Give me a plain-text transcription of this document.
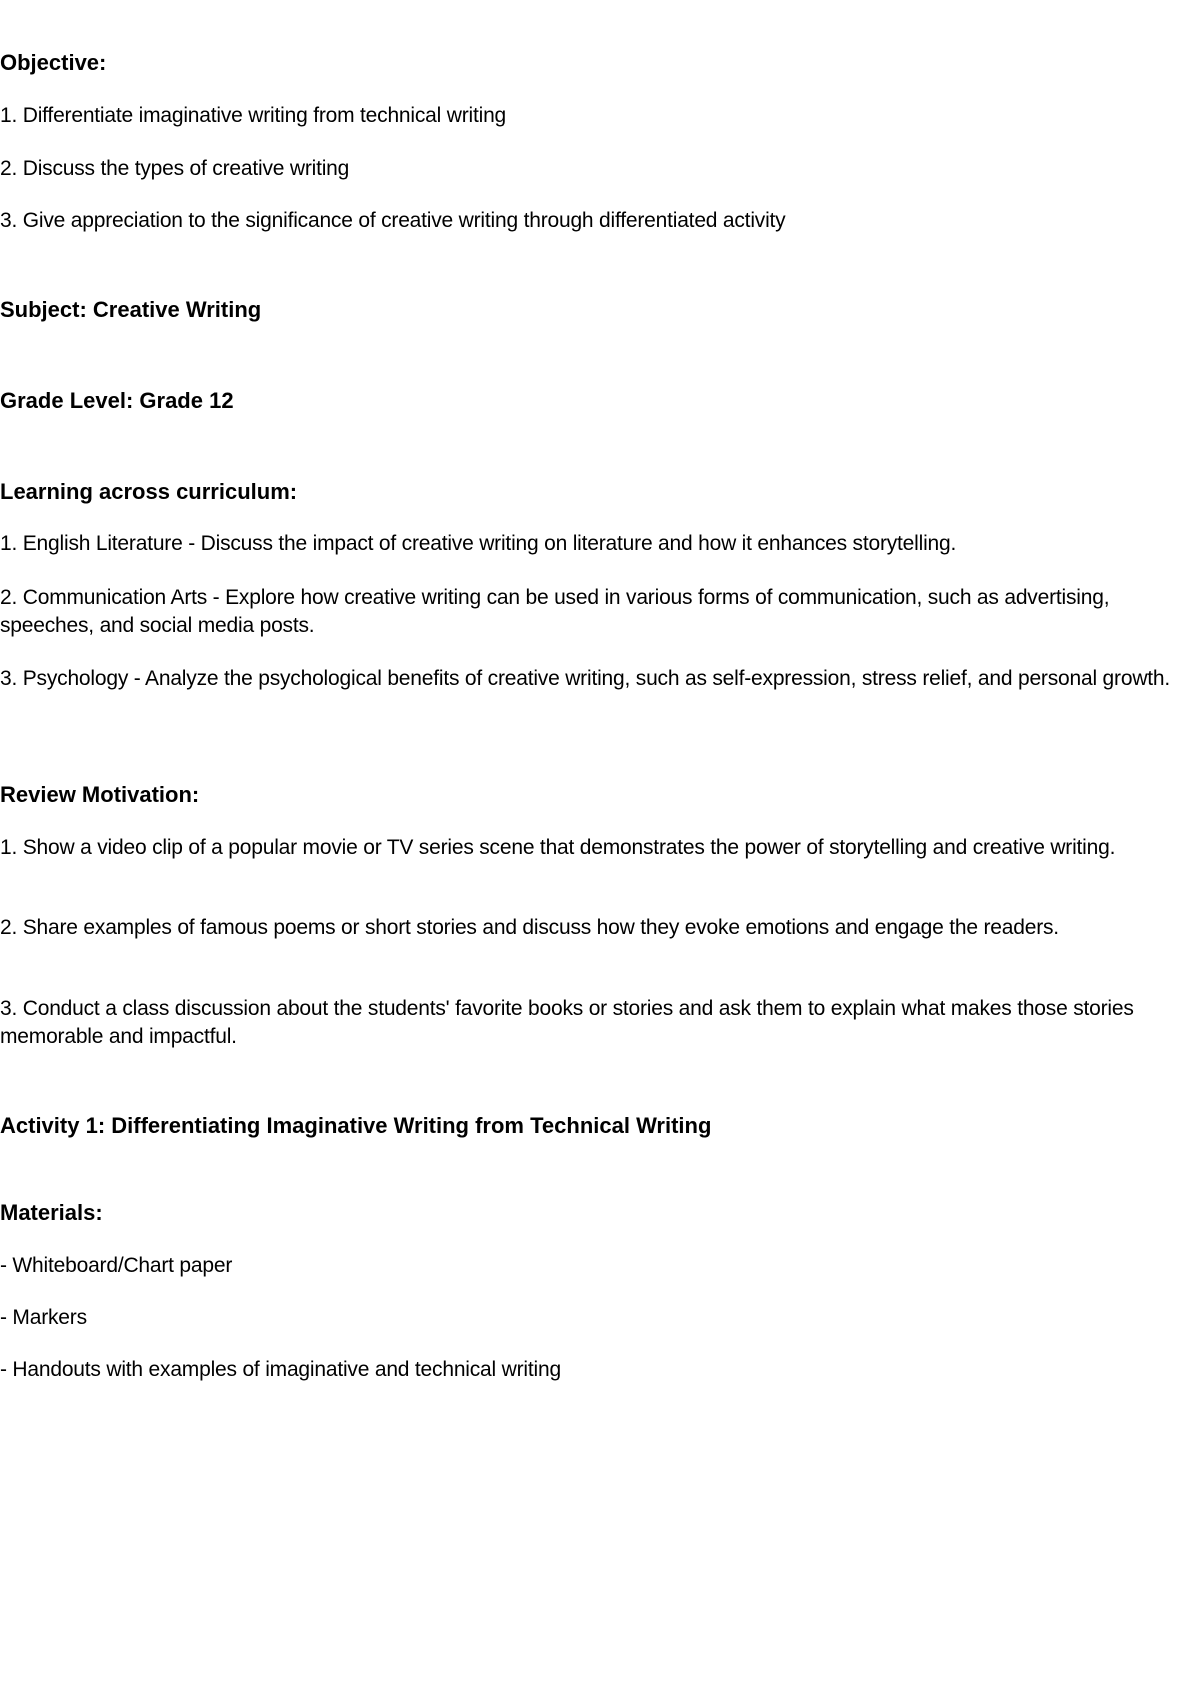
Objective:
1. Differentiate imaginative writing from technical writing
2. Discuss the types of creative writing
3. Give appreciation to the significance of creative writing through differentiated activity
Subject: Creative Writing
Grade Level: Grade 12
Learning across curriculum:
1. English Literature - Discuss the impact of creative writing on literature and how it enhances storytelling.
2. Communication Arts - Explore how creative writing can be used in various forms of communication, such as advertising, speeches, and social media posts.
3. Psychology - Analyze the psychological benefits of creative writing, such as self-expression, stress relief, and personal growth.
Review Motivation:
1. Show a video clip of a popular movie or TV series scene that demonstrates the power of storytelling and creative writing.
2. Share examples of famous poems or short stories and discuss how they evoke emotions and engage the readers.
3. Conduct a class discussion about the students' favorite books or stories and ask them to explain what makes those stories memorable and impactful.
Activity 1: Differentiating Imaginative Writing from Technical Writing
Materials:
- Whiteboard/Chart paper
- Markers
- Handouts with examples of imaginative and technical writing
